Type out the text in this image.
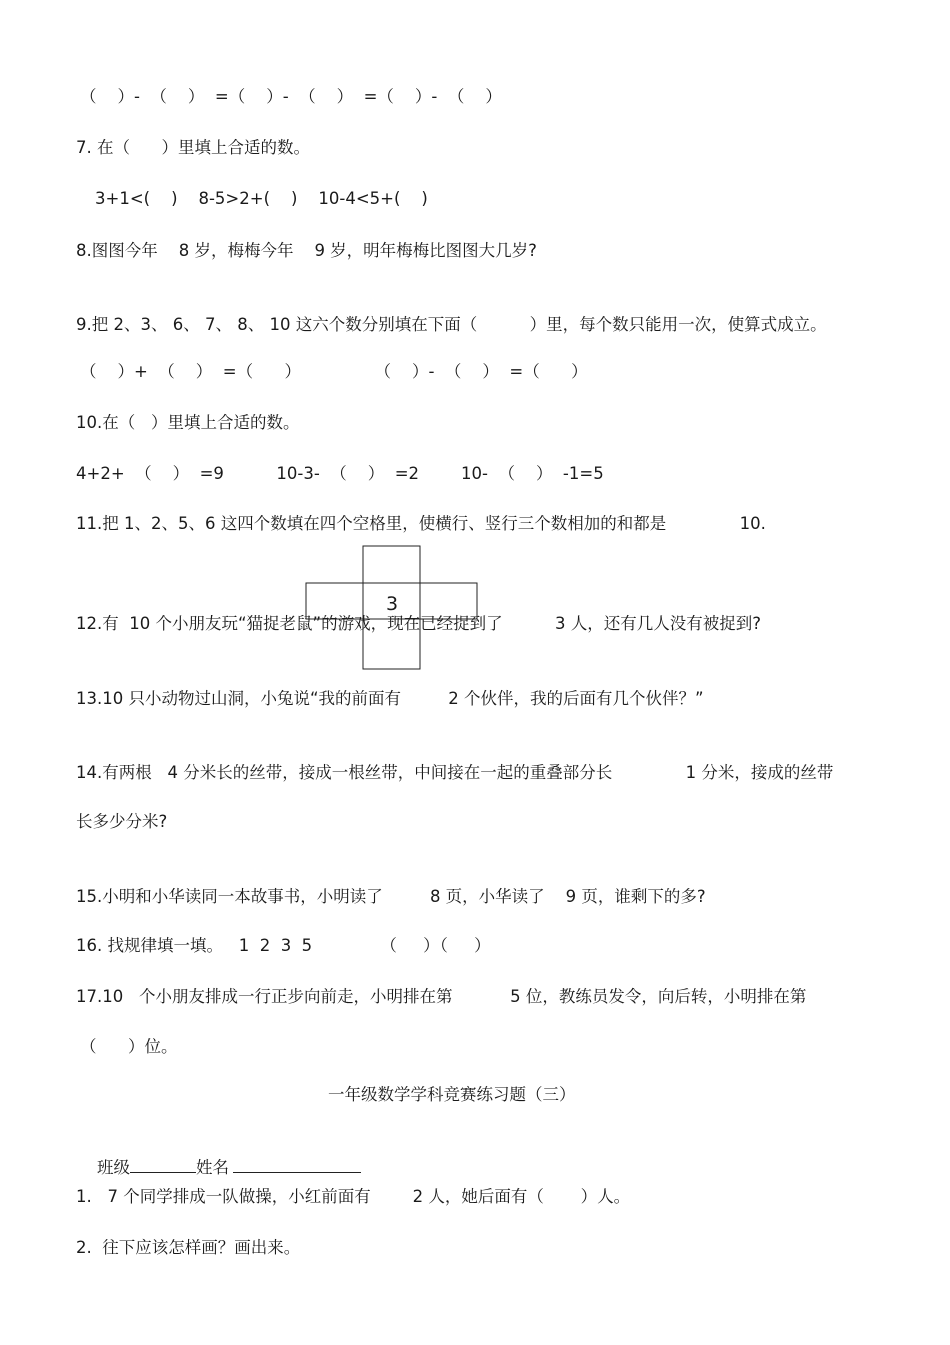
（    ）-  （    ）  =（    ）-  （    ）  =（    ）-  （    ）
7. 在（      ）里填上合适的数。
3+1<(    )    8-5>2+(    )    10-4<5+(    )
8.图图今年    8 岁，梅梅今年    9 岁，明年梅梅比图图大几岁?
9.把 2、3、 6、 7、 8、 10 这六个数分别填在下面（          ）里，每个数只能用一次，使算式成立。
（    ）+  （    ）  =（      ）              （    ）-  （    ）  =（      ）
10.在（   ）里填上合适的数。
4+2+  （    ）  =9          10-3-  （    ）  =2        10-  （    ）  -1=5
11.把 1、2、5、6 这四个数填在四个空格里，使横行、竖行三个数相加的和都是              10.
12.有  10 个小朋友玩“猫捉老鼠”的游戏，现在已经捉到了          3 人，还有几人没有被捉到?
3
13.10 只小动物过山洞，小兔说“我的前面有         2 个伙伴，我的后面有几个伙伴？”
14.有两根   4 分米长的丝带，接成一根丝带，中间接在一起的重叠部分长              1 分米，接成的丝带
长多少分米?
15.小明和小华读同一本故事书，小明读了         8 页，小华读了    9 页，谁剩下的多?
16. 找规律填一填。   1  2  3  5             （     ）（     ）
17.10   个小朋友排成一行正步向前走，小明排在第           5 位，教练员发令，向后转，小明排在第
（      ）位。
一年级数学学科竞赛练习题（三）

班级	姓名

1.   7 个同学排成一队做操，小红前面有        2 人，她后面有（       ）人。
2.  往下应该怎样画？画出来。
